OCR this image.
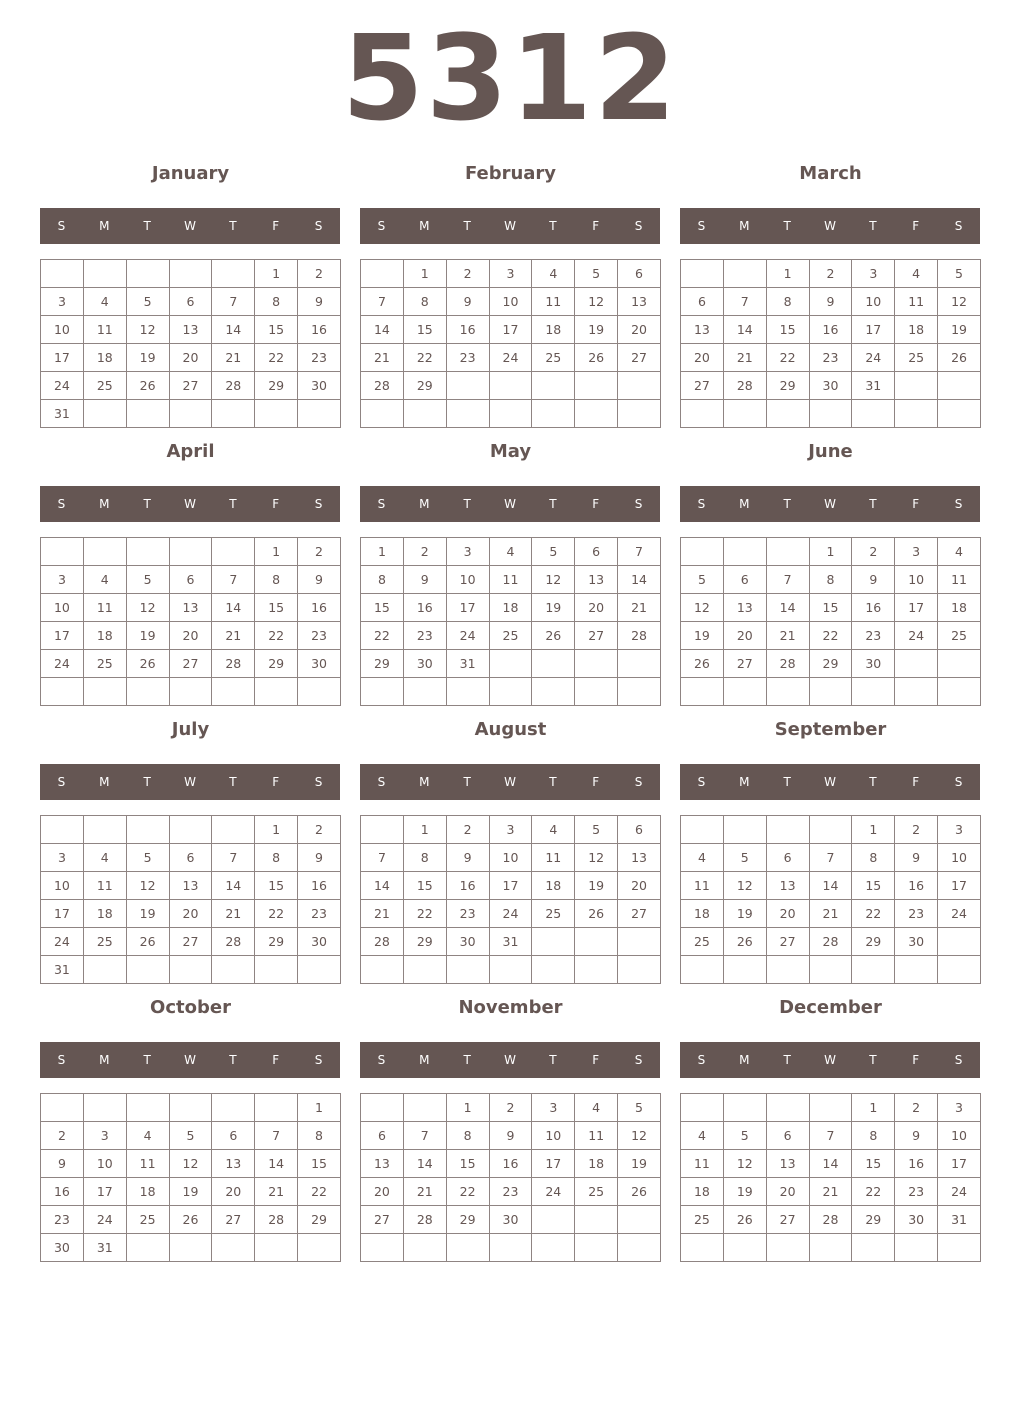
5312
January
S	M	T	W	T	F	S
					1	2
3	4	5	6	7	8	9
10	11	12	13	14	15	16
17	18	19	20	21	22	23
24	25	26	27	28	29	30
31						
February
S	M	T	W	T	F	S
	1	2	3	4	5	6
7	8	9	10	11	12	13
14	15	16	17	18	19	20
21	22	23	24	25	26	27
28	29					

March
S	M	T	W	T	F	S
		1	2	3	4	5
6	7	8	9	10	11	12
13	14	15	16	17	18	19
20	21	22	23	24	25	26
27	28	29	30	31		

April
S	M	T	W	T	F	S
					1	2
3	4	5	6	7	8	9
10	11	12	13	14	15	16
17	18	19	20	21	22	23
24	25	26	27	28	29	30

May
S	M	T	W	T	F	S
1	2	3	4	5	6	7
8	9	10	11	12	13	14
15	16	17	18	19	20	21
22	23	24	25	26	27	28
29	30	31				

June
S	M	T	W	T	F	S
			1	2	3	4
5	6	7	8	9	10	11
12	13	14	15	16	17	18
19	20	21	22	23	24	25
26	27	28	29	30		

July
S	M	T	W	T	F	S
					1	2
3	4	5	6	7	8	9
10	11	12	13	14	15	16
17	18	19	20	21	22	23
24	25	26	27	28	29	30
31						
August
S	M	T	W	T	F	S
	1	2	3	4	5	6
7	8	9	10	11	12	13
14	15	16	17	18	19	20
21	22	23	24	25	26	27
28	29	30	31			

September
S	M	T	W	T	F	S
				1	2	3
4	5	6	7	8	9	10
11	12	13	14	15	16	17
18	19	20	21	22	23	24
25	26	27	28	29	30	

October
S	M	T	W	T	F	S
						1
2	3	4	5	6	7	8
9	10	11	12	13	14	15
16	17	18	19	20	21	22
23	24	25	26	27	28	29
30	31					
November
S	M	T	W	T	F	S
		1	2	3	4	5
6	7	8	9	10	11	12
13	14	15	16	17	18	19
20	21	22	23	24	25	26
27	28	29	30			

December
S	M	T	W	T	F	S
				1	2	3
4	5	6	7	8	9	10
11	12	13	14	15	16	17
18	19	20	21	22	23	24
25	26	27	28	29	30	31
